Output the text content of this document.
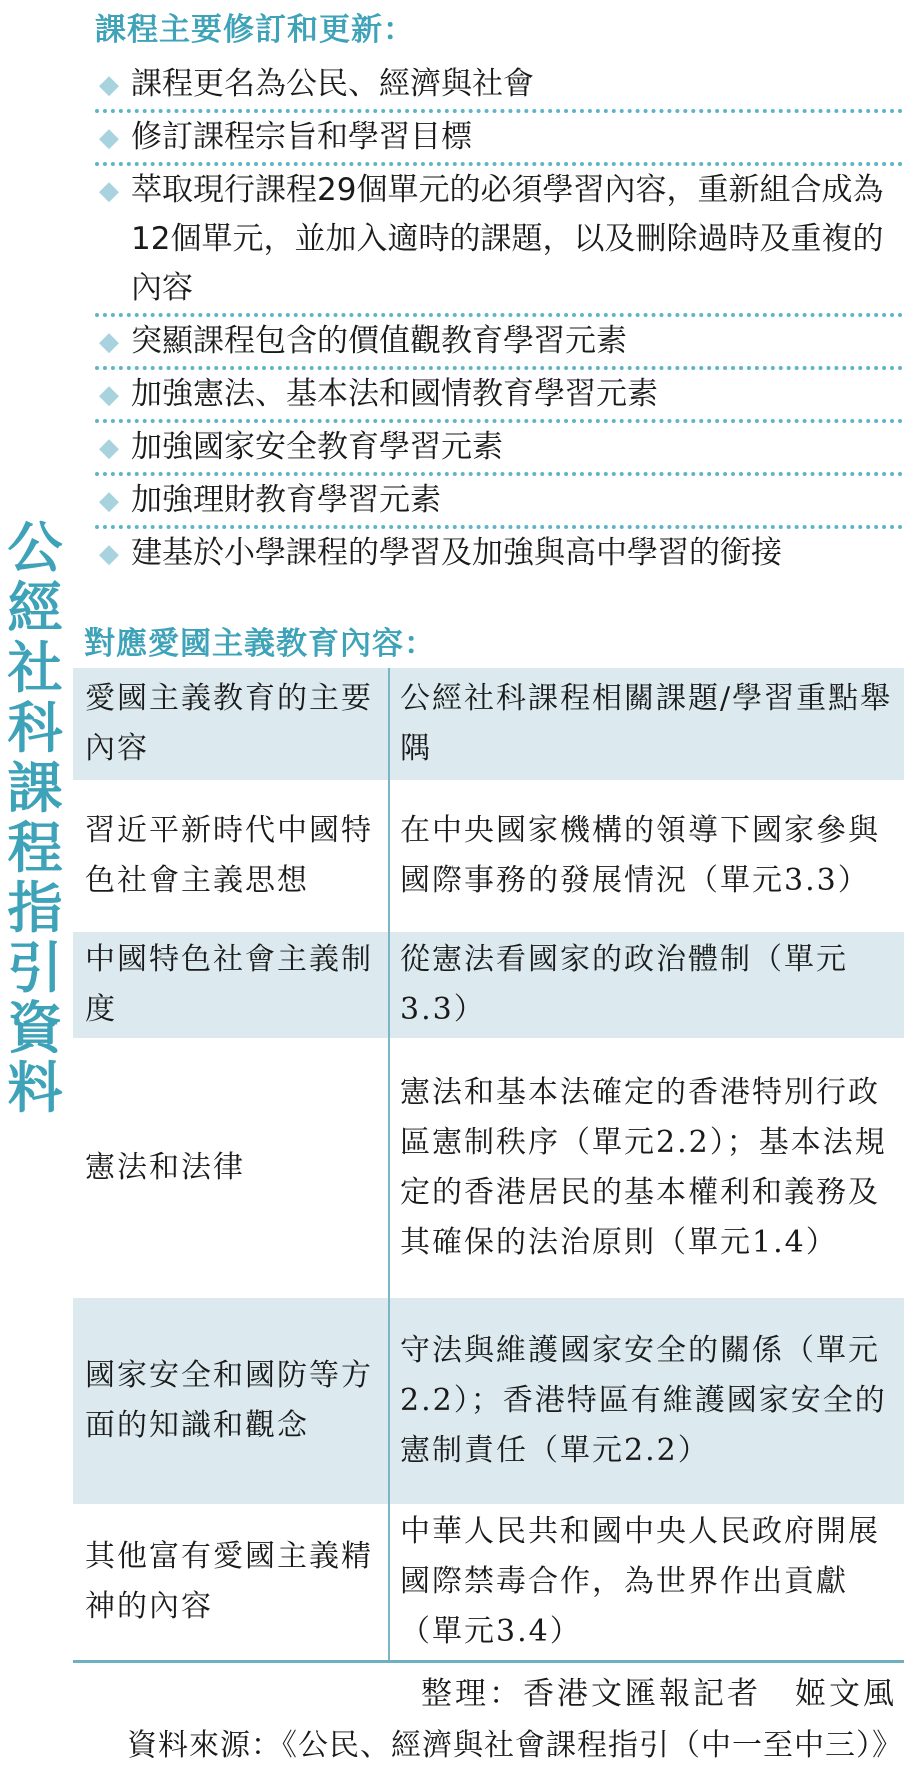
公
經
社
科
課
程
指
引
資
料
課程主要修訂和更新：
◆ 課程更名為公民、經濟與社會
◆ 修訂課程宗旨和學習目標
◆ 萃取現行課程29個單元的必須學習內容，重新組合成為12個單元，並加入適時的課題，以及刪除過時及重複的內容
◆ 突顯課程包含的價值觀教育學習元素
◆ 加強憲法、基本法和國情教育學習元素
◆ 加強國家安全教育學習元素
◆ 加強理財教育學習元素
◆ 建基於小學課程的學習及加強與高中學習的銜接
對應愛國主義教育內容：
愛國主義教育的主要內容
公經社科課程相關課題/學習重點舉隅
習近平新時代中國特色社會主義思想
在中央國家機構的領導下國家參與國際事務的發展情況（單元3.3）
中國特色社會主義制度
從憲法看國家的政治體制（單元3.3）
憲法和法律
憲法和基本法確定的香港特別行政區憲制秩序（單元2.2）；基本法規定的香港居民的基本權利和義務及其確保的法治原則（單元1.4）
國家安全和國防等方面的知識和觀念
守法與維護國家安全的關係（單元2.2）；香港特區有維護國家安全的憲制責任（單元2.2）
其他富有愛國主義精神的內容
中華人民共和國中央人民政府開展國際禁毒合作，為世界作出貢獻（單元3.4）
整理：香港文匯報記者　姬文風
資料來源：《公民、經濟與社會課程指引（中一至中三）》
